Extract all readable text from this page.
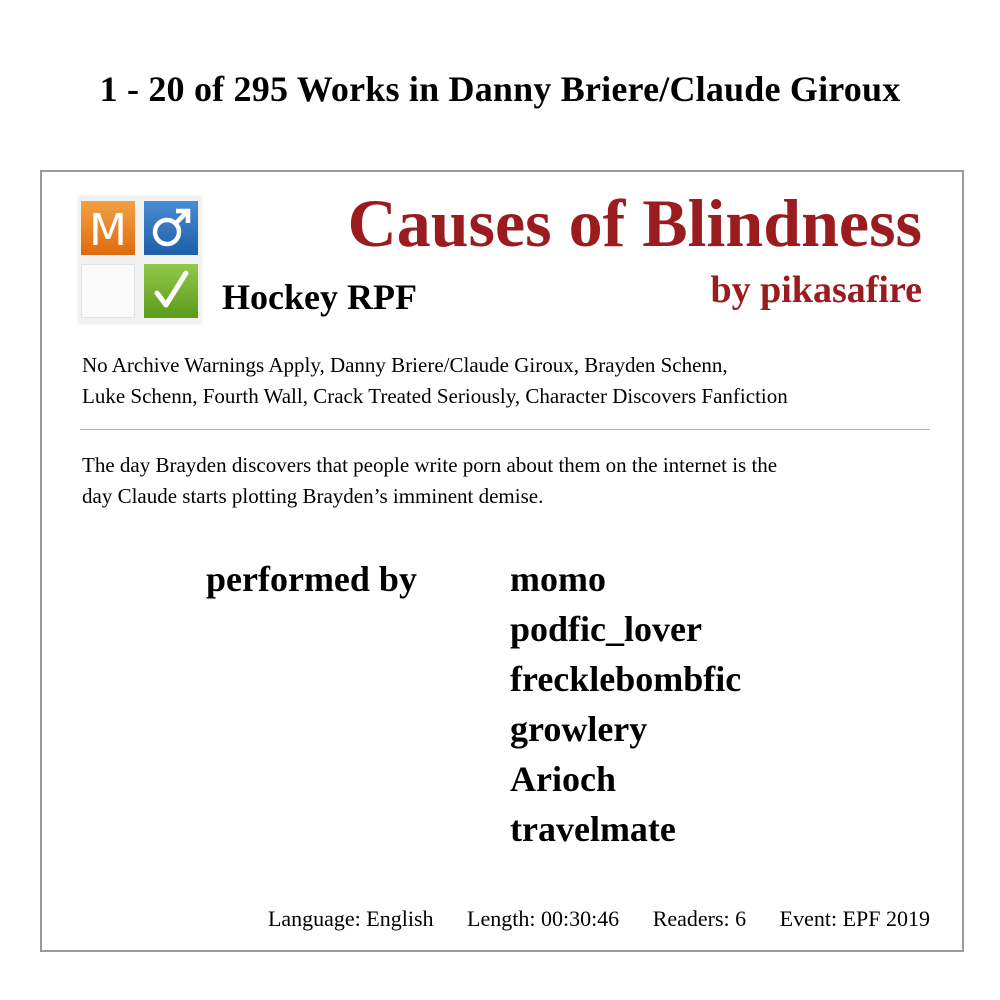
1 - 20 of 295 Works in Danny Briere/Claude Giroux
M	Causes of Blindness
Hockey RPF	by pikasafire
No Archive Warnings Apply, Danny Briere/Claude Giroux, Brayden Schenn,
Luke Schenn, Fourth Wall, Crack Treated Seriously, Character Discovers Fanfiction
The day Brayden discovers that people write porn about them on the internet is the
day Claude starts plotting Brayden’s imminent demise.
performed by	momo
podfic_lover
frecklebombfic
growlery
Arioch
travelmate
Language: English Length: 00:30:46 Readers: 6 Event: EPF 2019
